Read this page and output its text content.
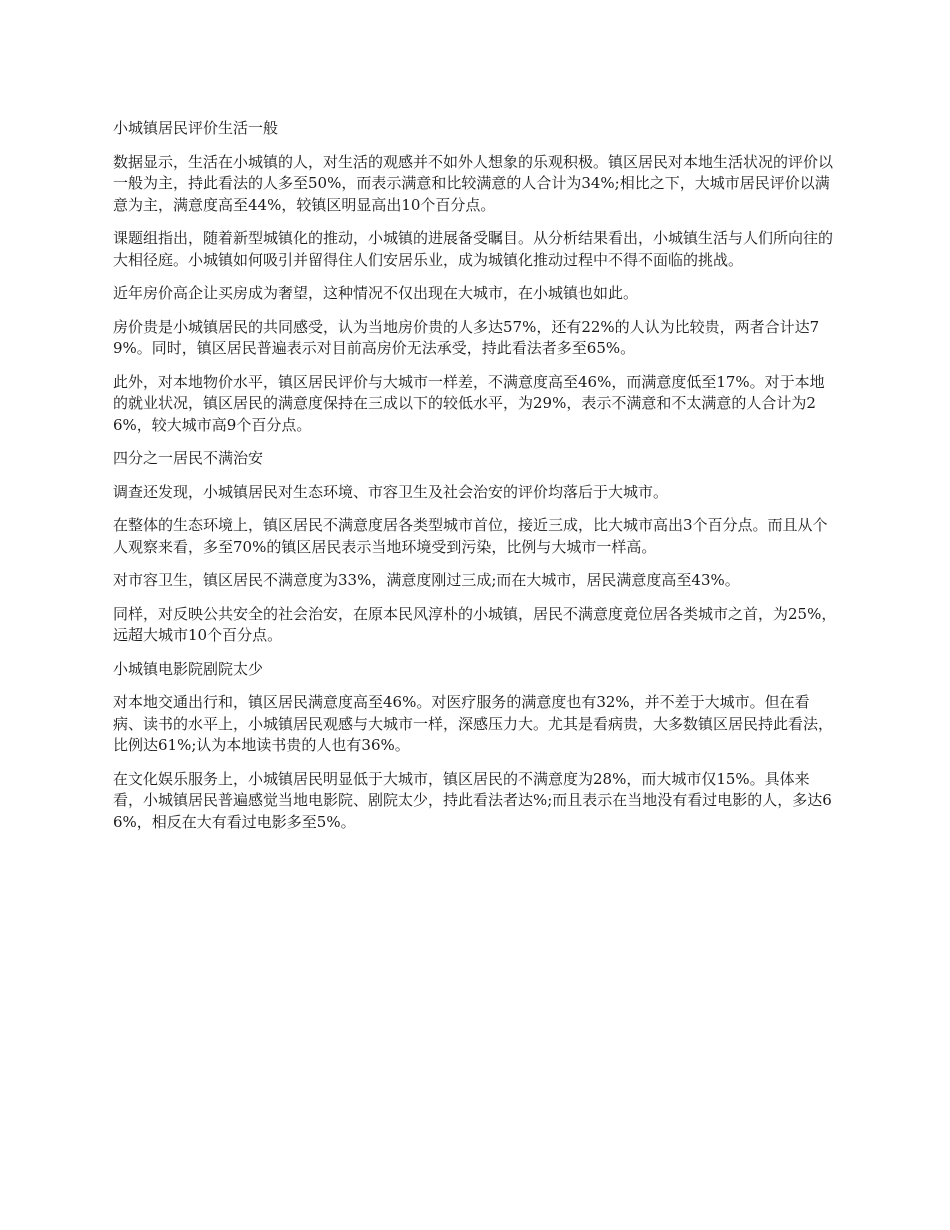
小城镇居民评价生活一般

数据显示，生活在小城镇的人，对生活的观感并不如外人想象的乐观积极。镇区居民对本地生活状况的评价以一般为主，持此看法的人多至50%，而表示满意和比较满意的人合计为34%;相比之下，大城市居民评价以满意为主，满意度高至44%，较镇区明显高出10个百分点。

课题组指出，随着新型城镇化的推动，小城镇的进展备受瞩目。从分析结果看出，小城镇生活与人们所向往的大相径庭。小城镇如何吸引并留得住人们安居乐业，成为城镇化推动过程中不得不面临的挑战。

近年房价高企让买房成为奢望，这种情况不仅出现在大城市，在小城镇也如此。

房价贵是小城镇居民的共同感受，认为当地房价贵的人多达57%，还有22%的人认为比较贵，两者合计达79%。同时，镇区居民普遍表示对目前高房价无法承受，持此看法者多至65%。

此外，对本地物价水平，镇区居民评价与大城市一样差，不满意度高至46%，而满意度低至17%。对于本地的就业状况，镇区居民的满意度保持在三成以下的较低水平，为29%，表示不满意和不太满意的人合计为26%，较大城市高9个百分点。

四分之一居民不满治安

调查还发现，小城镇居民对生态环境、市容卫生及社会治安的评价均落后于大城市。

在整体的生态环境上，镇区居民不满意度居各类型城市首位，接近三成，比大城市高出3个百分点。而且从个人观察来看，多至70%的镇区居民表示当地环境受到污染，比例与大城市一样高。

对市容卫生，镇区居民不满意度为33%，满意度刚过三成;而在大城市，居民满意度高至43%。

同样，对反映公共安全的社会治安，在原本民风淳朴的小城镇，居民不满意度竟位居各类城市之首，为25%，远超大城市10个百分点。

小城镇电影院剧院太少

对本地交通出行和，镇区居民满意度高至46%。对医疗服务的满意度也有32%，并不差于大城市。但在看病、读书的水平上，小城镇居民观感与大城市一样，深感压力大。尤其是看病贵，大多数镇区居民持此看法，比例达61%;认为本地读书贵的人也有36%。

在文化娱乐服务上，小城镇居民明显低于大城市，镇区居民的不满意度为28%，而大城市仅15%。具体来看，小城镇居民普遍感觉当地电影院、剧院太少，持此看法者达%;而且表示在当地没有看过电影的人，多达66%，相反在大有看过电影多至5%。
